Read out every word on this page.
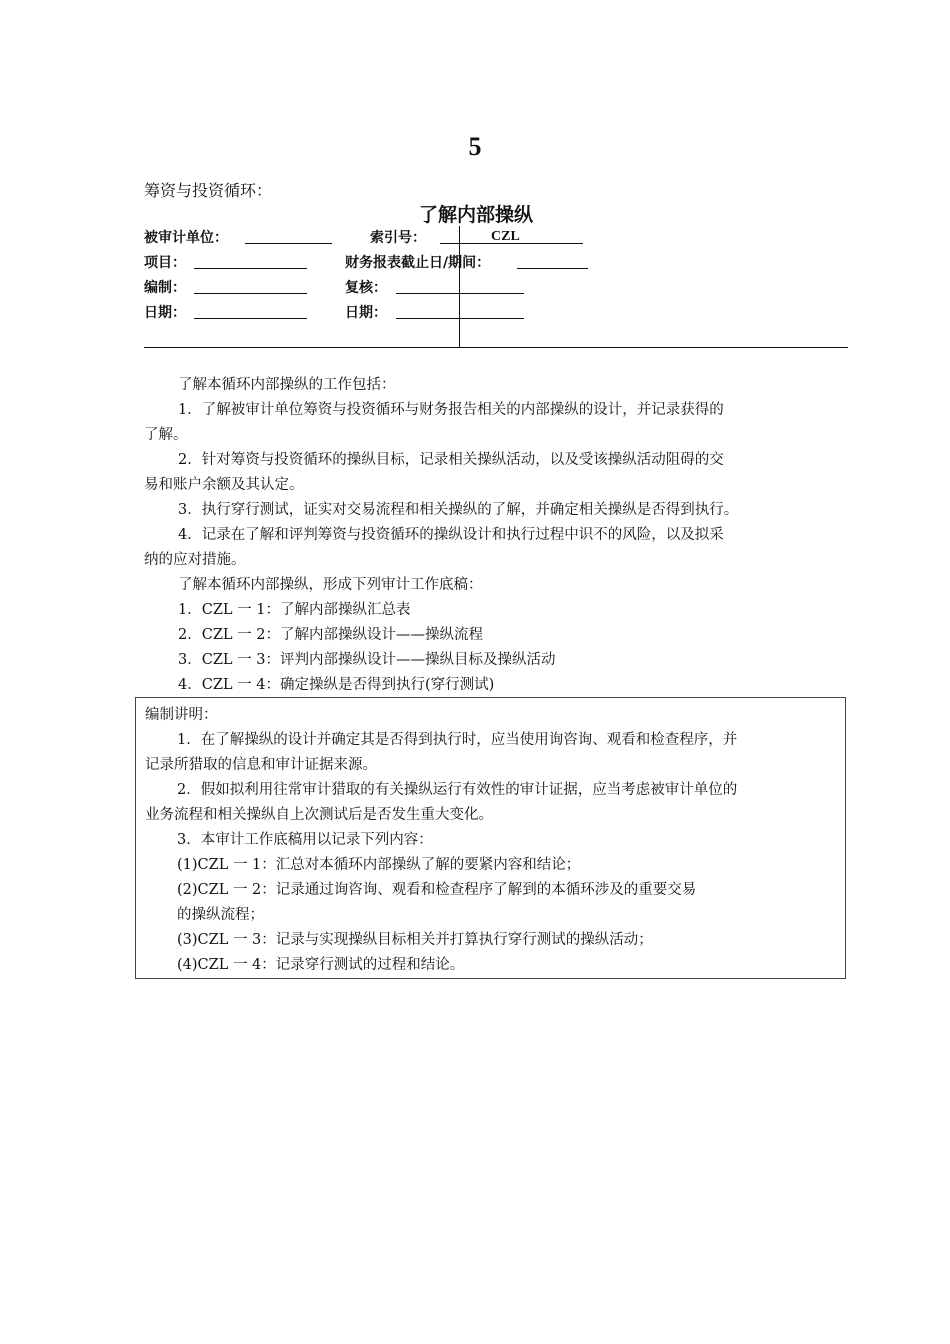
5
筹资与投资循环：
了解内部操纵
被审计单位：	索引号：	CZL
项目：	财务报表截止日/期间：
编制：	复核：
日期：	日期：
了解本循环内部操纵的工作包括：
1．了解被审计单位筹资与投资循环与财务报告相关的内部操纵的设计，并记录获得的
了解。
2．针对筹资与投资循环的操纵目标，记录相关操纵活动，以及受该操纵活动阻碍的交
易和账户余额及其认定。
3．执行穿行测试，证实对交易流程和相关操纵的了解，并确定相关操纵是否得到执行。
4．记录在了解和评判筹资与投资循环的操纵设计和执行过程中识不的风险，以及拟采
纳的应对措施。
了解本循环内部操纵，形成下列审计工作底稿：
1．CZL 一 1：了解内部操纵汇总表
2．CZL 一 2：了解内部操纵设计——操纵流程
3．CZL 一 3：评判内部操纵设计——操纵目标及操纵活动
4．CZL 一 4：确定操纵是否得到执行(穿行测试)
编制讲明：
1．在了解操纵的设计并确定其是否得到执行时，应当使用询咨询、观看和检查程序，并
记录所猎取的信息和审计证据来源。
2．假如拟利用往常审计猎取的有关操纵运行有效性的审计证据，应当考虑被审计单位的
业务流程和相关操纵自上次测试后是否发生重大变化。
3．本审计工作底稿用以记录下列内容：
(1)CZL 一 1：汇总对本循环内部操纵了解的要紧内容和结论；
(2)CZL 一 2：记录通过询咨询、观看和检查程序了解到的本循环涉及的重要交易
的操纵流程；
(3)CZL 一 3：记录与实现操纵目标相关并打算执行穿行测试的操纵活动；
(4)CZL 一 4：记录穿行测试的过程和结论。
